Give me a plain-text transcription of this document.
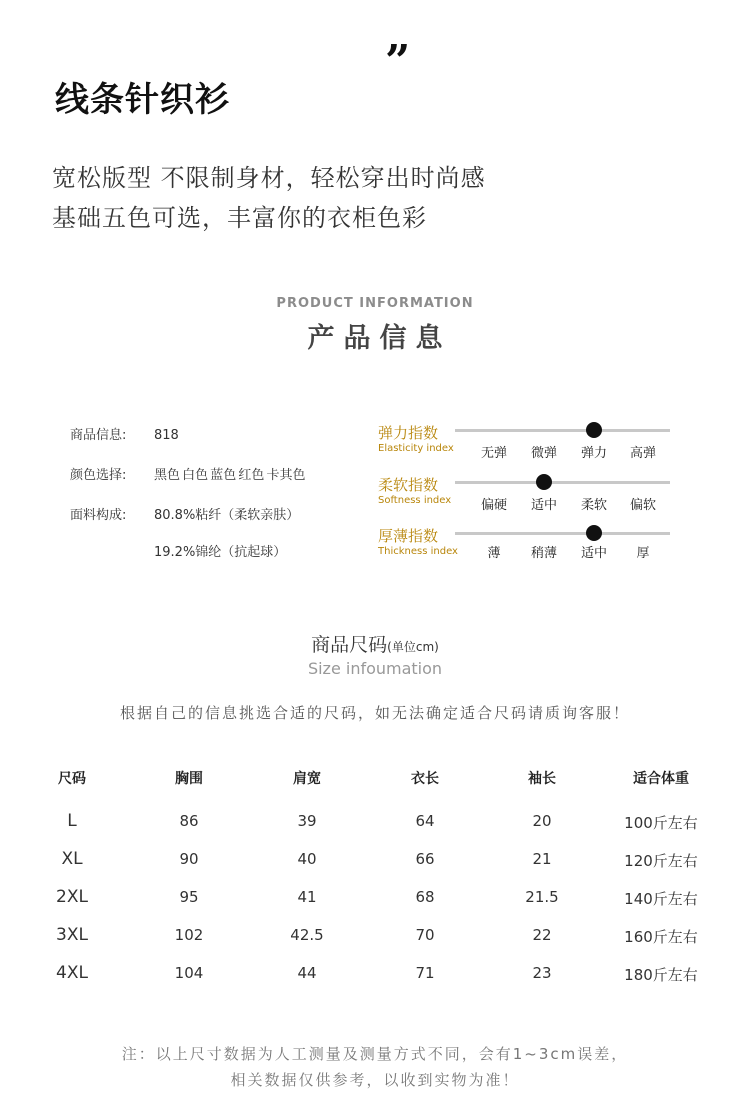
”
线条针织衫
宽松版型 不限制身材，轻松穿出时尚感
基础五色可选，丰富你的衣柜色彩
PRODUCT INFORMATION
产品信息
商品信息: 818
颜色选择: 黑色 白色 蓝色 红色 卡其色
面料构成: 80.8%粘纤（柔软亲肤）
19.2%锦纶（抗起球）
弹力指数
Elasticity index	无弹	微弹	弹力	高弹
柔软指数
Softness index	偏硬	适中	柔软	偏软
厚薄指数
Thickness index	薄	稍薄	适中	厚
商品尺码(单位cm)
Size infoumation
根据自己的信息挑选合适的尺码，如无法确定适合尺码请质询客服！
尺码	胸围	肩宽	衣长	袖长	适合体重
L	86	39	64	20	100斤左右
XL	90	40	66	21	120斤左右
2XL	95	41	68	21.5	140斤左右
3XL	102	42.5	70	22	160斤左右
4XL	104	44	71	23	180斤左右
注：以上尺寸数据为人工测量及测量方式不同，会有1~3cm误差，
相关数据仅供参考，以收到实物为准！
